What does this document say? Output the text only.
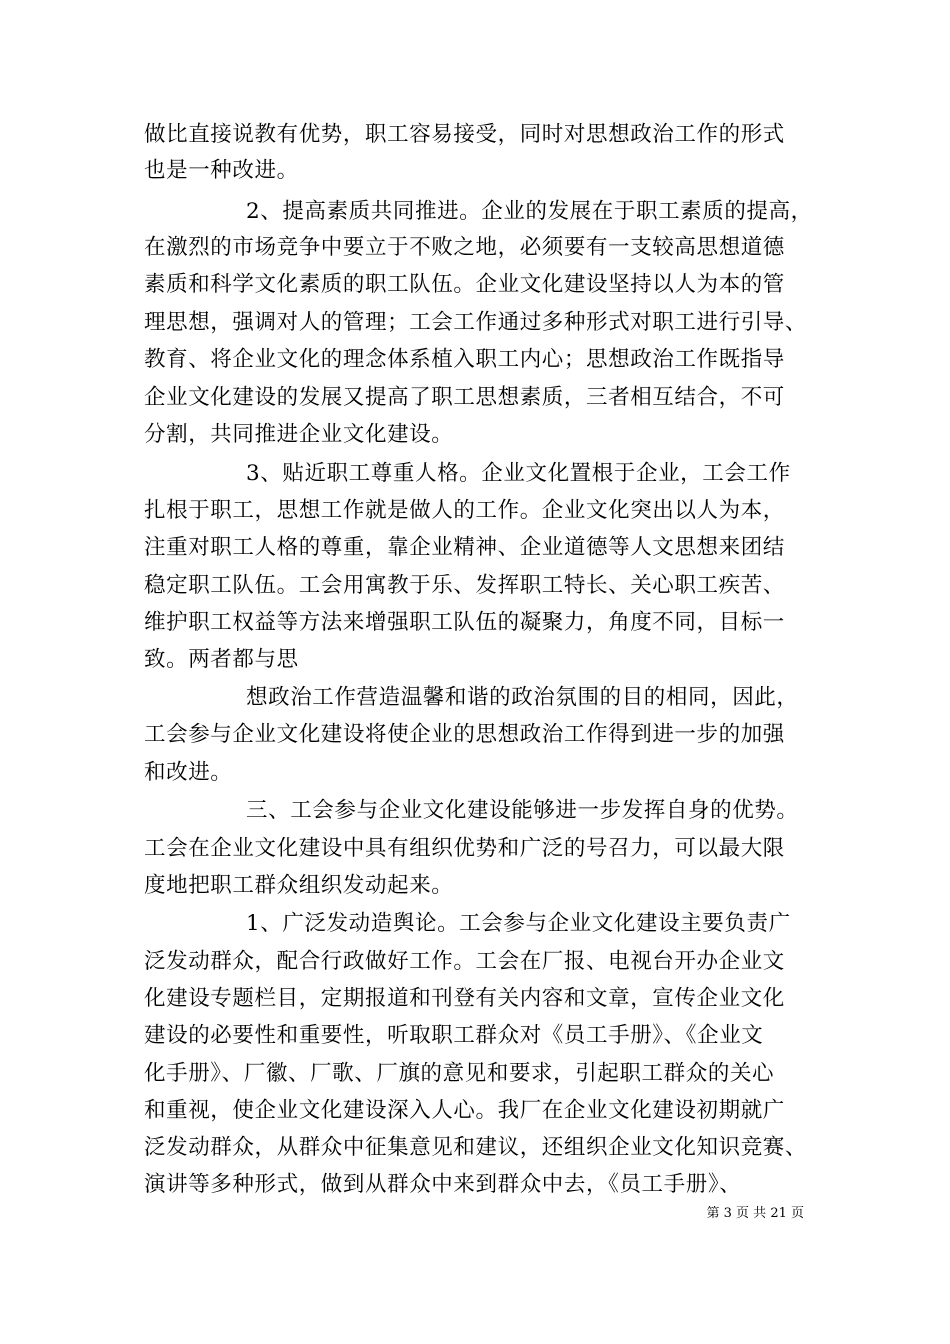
做比直接说教有优势，职工容易接受，同时对思想政治工作的形式
也是一种改进。
2、提高素质共同推进。企业的发展在于职工素质的提高，
在激烈的市场竞争中要立于不败之地，必须要有一支较高思想道德
素质和科学文化素质的职工队伍。企业文化建设坚持以人为本的管
理思想，强调对人的管理；工会工作通过多种形式对职工进行引导、
教育、将企业文化的理念体系植入职工内心；思想政治工作既指导
企业文化建设的发展又提高了职工思想素质，三者相互结合，不可
分割，共同推进企业文化建设。
3、贴近职工尊重人格。企业文化置根于企业，工会工作
扎根于职工，思想工作就是做人的工作。企业文化突出以人为本，
注重对职工人格的尊重，靠企业精神、企业道德等人文思想来团结
稳定职工队伍。工会用寓教于乐、发挥职工特长、关心职工疾苦、
维护职工权益等方法来增强职工队伍的凝聚力，角度不同，目标一
致。两者都与思
想政治工作营造温馨和谐的政治氛围的目的相同，因此，
工会参与企业文化建设将使企业的思想政治工作得到进一步的加强
和改进。
三、工会参与企业文化建设能够进一步发挥自身的优势。
工会在企业文化建设中具有组织优势和广泛的号召力，可以最大限
度地把职工群众组织发动起来。
1、广泛发动造舆论。工会参与企业文化建设主要负责广
泛发动群众，配合行政做好工作。工会在厂报、电视台开办企业文
化建设专题栏目，定期报道和刊登有关内容和文章，宣传企业文化
建设的必要性和重要性，听取职工群众对《员工手册》、《企业文
化手册》、厂徽、厂歌、厂旗的意见和要求，引起职工群众的关心
和重视，使企业文化建设深入人心。我厂在企业文化建设初期就广
泛发动群众，从群众中征集意见和建议，还组织企业文化知识竞赛、
演讲等多种形式，做到从群众中来到群众中去，《员工手册》、
第 3 页 共 21 页
